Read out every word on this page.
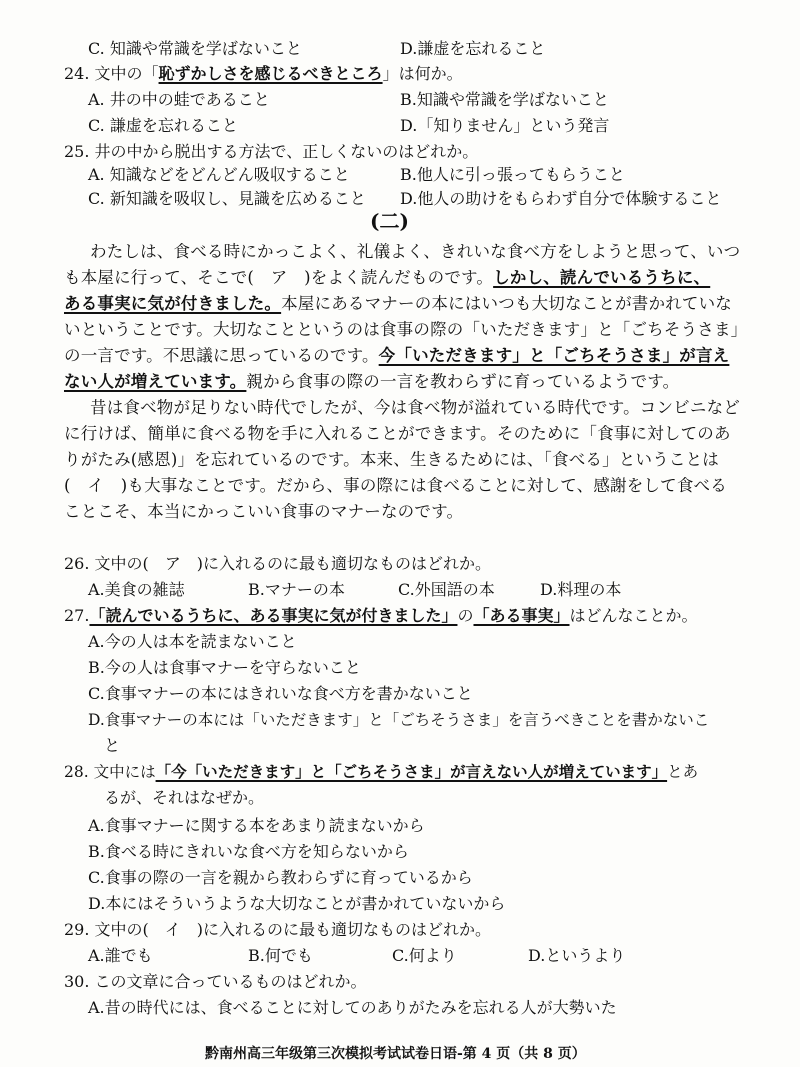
C. 知識や常識を学ばないこと	D.謙虚を忘れること
24. 文中の「恥ずかしさを感じるべきところ」は何か。
A. 井の中の蛙であること	B.知識や常識を学ばないこと
C. 謙虚を忘れること	D.「知りません」という発言
25. 井の中から脱出する方法で、正しくないのはどれか。
A. 知識などをどんどん吸収すること	B.他人に引っ張ってもらうこと
C. 新知識を吸収し、見識を広めること D.他人の助けをもらわず自分で体験すること
(二)
わたしは、食べる時にかっこよく、礼儀よく、きれいな食べ方をしようと思って、いつ
も本屋に行って、そこで(　ア　)をよく読んだものです。しかし、読んでいるうちに、
ある事実に気が付きました。本屋にあるマナーの本にはいつも大切なことが書かれていな
いということです。大切なことというのは食事の際の「いただきます」と「ごちそうさま」
の一言です。不思議に思っているのです。今「いただきます」と「ごちそうさま」が言え
ない人が増えています。親から食事の際の一言を教わらずに育っているようです。
昔は食べ物が足りない時代でしたが、今は食べ物が溢れている時代です。コンビニなど
に行けば、簡単に食べる物を手に入れることができます。そのために「食事に対してのあ
りがたみ(感恩)」を忘れているのです。本来、生きるためには、「食べる」ということは
(　イ　)も大事なことです。だから、事の際には食べることに対して、感謝をして食べる
ことこそ、本当にかっこいい食事のマナーなのです。
26. 文中の(　ア　)に入れるのに最も適切なものはどれか。
A.美食の雑誌	B.マナーの本	C.外国語の本	D.料理の本
27.「読んでいるうちに、ある事実に気が付きました」の「ある事実」はどんなことか。
A.今の人は本を読まないこと
B.今の人は食事マナーを守らないこと
C.食事マナーの本にはきれいな食べ方を書かないこと
D.食事マナーの本には「いただきます」と「ごちそうさま」を言うべきことを書かないこ
と
28. 文中には「今「いただきます」と「ごちそうさま」が言えない人が増えています」とあ
るが、それはなぜか。
A.食事マナーに関する本をあまり読まないから
B.食べる時にきれいな食べ方を知らないから
C.食事の際の一言を親から教わらずに育っているから
D.本にはそういうような大切なことが書かれていないから
29. 文中の(　イ　)に入れるのに最も適切なものはどれか。
A.誰でも	B.何でも	C.何より	D.というより
30. この文章に合っているものはどれか。
A.昔の時代には、食べることに対してのありがたみを忘れる人が大勢いた
黔南州高三年级第三次模拟考试试卷日语-第 4 页（共 8 页）
